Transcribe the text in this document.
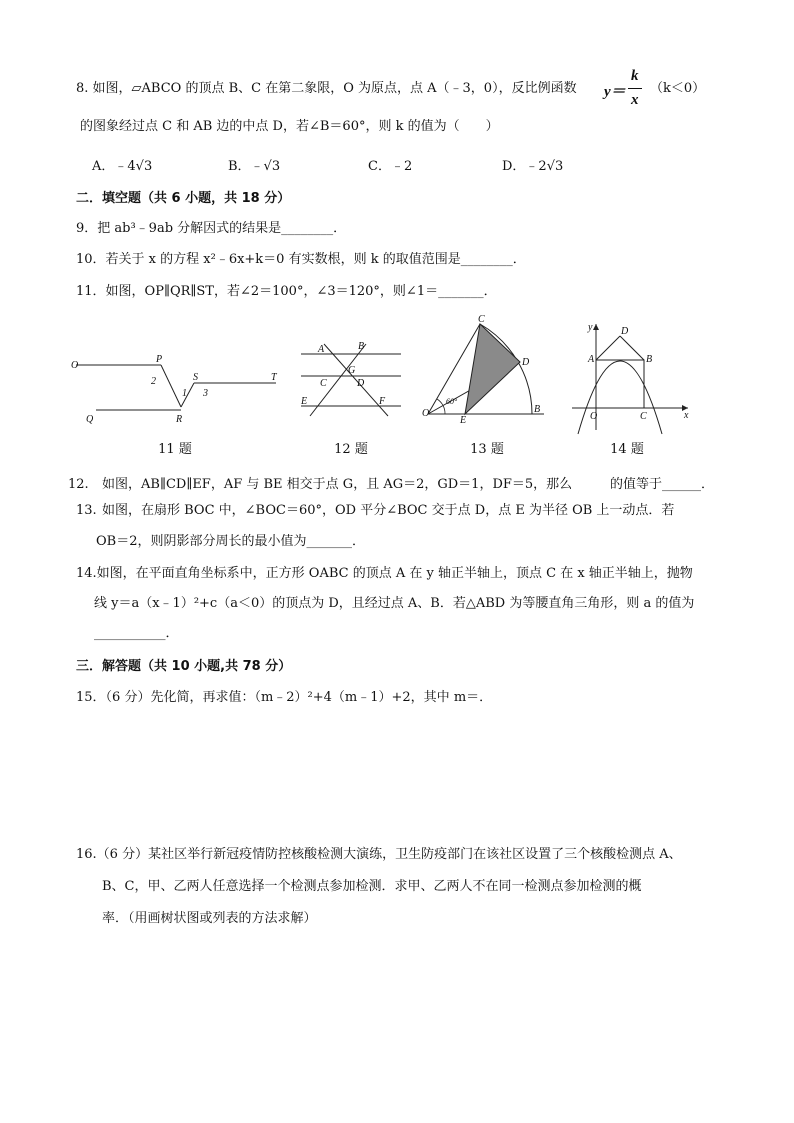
8. 如图，▱ABCO 的顶点 B、C 在第二象限，O 为原点，点 A（﹣3，0），反比例函数 y＝
k
x
（k＜0）
的图象经过点 C 和 AB 边的中点 D，若∠B＝60°，则 k 的值为（　　）
A．﹣4√3	B．﹣√3	C．﹣2	D．﹣2√3
二．填空题（共 6 小题，共 18 分）
9．把 ab³﹣9ab 分解因式的结果是________．
10．若关于 x 的方程 x²﹣6x+k＝0 有实数根，则 k 的取值范围是________．
11．如图，OP∥QR∥ST，若∠2＝100°，∠3＝120°，则∠1＝_______．
O
P
2	S	T
1 3
Q	R
A	B
G
C	D
E	F
C
D
60°
O
E
B
y	D
A	B
O	C	x
11 题	12 题	13 题	14 题
12. 如图，AB∥CD∥EF，AF 与 BE 相交于点 G，且 AG＝2，GD＝1，DF＝5，那么	的值等于______．
13. 如图，在扇形 BOC 中，∠BOC＝60°，OD 平分∠BOC 交于点 D，点 E 为半径 OB 上一动点．若
OB＝2，则阴影部分周长的最小值为_______．
14.如图，在平面直角坐标系中，正方形 OABC 的顶点 A 在 y 轴正半轴上，顶点 C 在 x 轴正半轴上，抛物
线 y＝a（x﹣1）²+c（a＜0）的顶点为 D，且经过点 A、B．若△ABD 为等腰直角三角形，则 a 的值为
___________．
三．解答题（共 10 小题,共 78 分）
15．（6 分）先化简，再求值：（m﹣2）²+4（m﹣1）+2，其中 m＝．
16.（6 分）某社区举行新冠疫情防控核酸检测大演练，卫生防疫部门在该社区设置了三个核酸检测点 A、
B、C，甲、乙两人任意选择一个检测点参加检测．求甲、乙两人不在同一检测点参加检测的概
率．（用画树状图或列表的方法求解）
